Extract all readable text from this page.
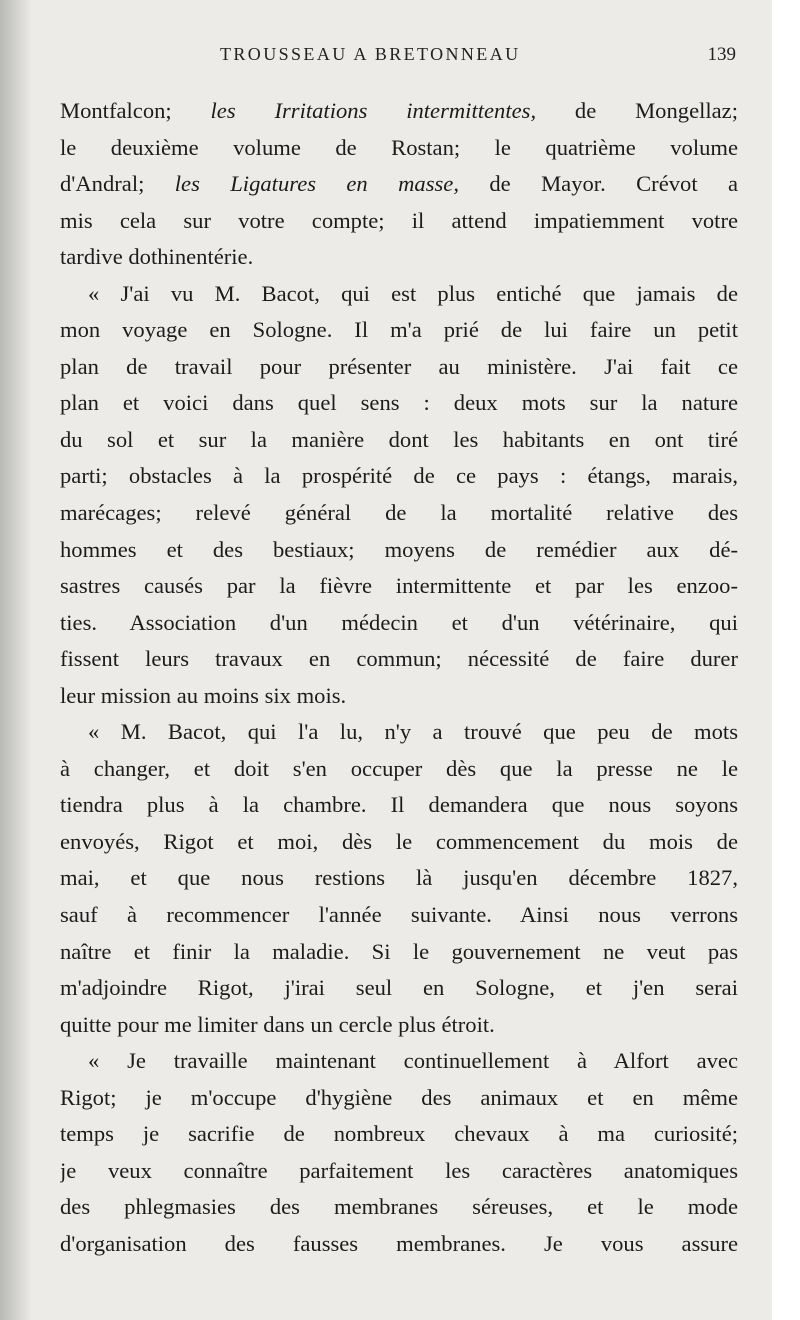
TROUSSEAU A BRETONNEAU	139
Montfalcon; les Irritations intermittentes, de Mongellaz;
le deuxième volume de Rostan; le quatrième volume
d'Andral; les Ligatures en masse, de Mayor. Crévot a
mis cela sur votre compte; il attend impatiemment votre
tardive dothinentérie.
« J'ai vu M. Bacot, qui est plus entiché que jamais de
mon voyage en Sologne. Il m'a prié de lui faire un petit
plan de travail pour présenter au ministère. J'ai fait ce
plan et voici dans quel sens : deux mots sur la nature
du sol et sur la manière dont les habitants en ont tiré
parti; obstacles à la prospérité de ce pays : étangs, marais,
marécages; relevé général de la mortalité relative des
hommes et des bestiaux; moyens de remédier aux dé-
sastres causés par la fièvre intermittente et par les enzoo-
ties. Association d'un médecin et d'un vétérinaire, qui
fissent leurs travaux en commun; nécessité de faire durer
leur mission au moins six mois.
« M. Bacot, qui l'a lu, n'y a trouvé que peu de mots
à changer, et doit s'en occuper dès que la presse ne le
tiendra plus à la chambre. Il demandera que nous soyons
envoyés, Rigot et moi, dès le commencement du mois de
mai, et que nous restions là jusqu'en décembre 1827,
sauf à recommencer l'année suivante. Ainsi nous verrons
naître et finir la maladie. Si le gouvernement ne veut pas
m'adjoindre Rigot, j'irai seul en Sologne, et j'en serai
quitte pour me limiter dans un cercle plus étroit.
« Je travaille maintenant continuellement à Alfort avec
Rigot; je m'occupe d'hygiène des animaux et en même
temps je sacrifie de nombreux chevaux à ma curiosité;
je veux connaître parfaitement les caractères anatomiques
des phlegmasies des membranes séreuses, et le mode
d'organisation des fausses membranes. Je vous assure
